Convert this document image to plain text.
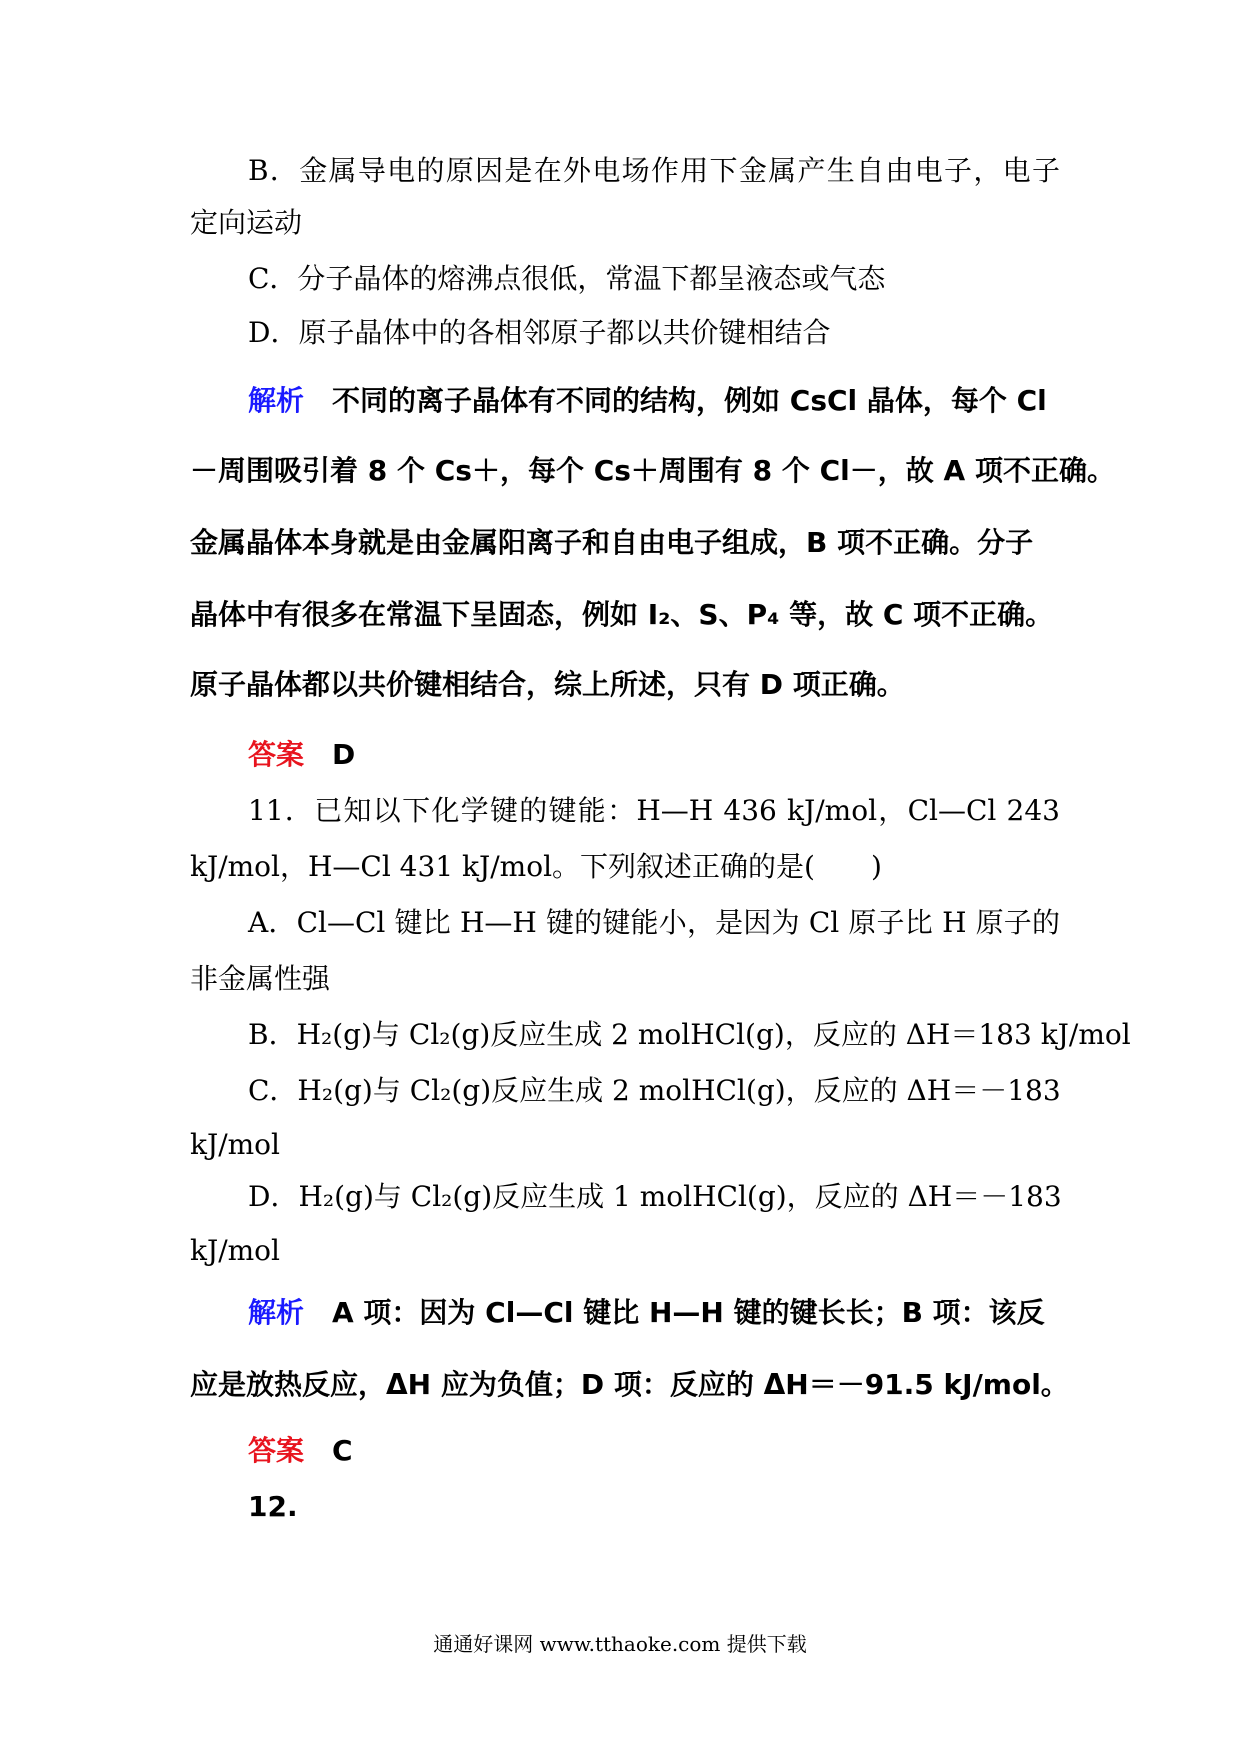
B．金属导电的原因是在外电场作用下金属产生自由电子，电子
定向运动
C．分子晶体的熔沸点很低，常温下都呈液态或气态
D．原子晶体中的各相邻原子都以共价键相结合
解析 不同的离子晶体有不同的结构，例如 CsCl 晶体，每个 Cl
－周围吸引着 8 个 Cs＋，每个 Cs＋周围有 8 个 Cl－，故 A 项不正确。
金属晶体本身就是由金属阳离子和自由电子组成，B 项不正确。分子
晶体中有很多在常温下呈固态，例如 I₂、S、P₄ 等，故 C 项不正确。
原子晶体都以共价键相结合，综上所述，只有 D 项正确。
答案 D
11．已知以下化学键的键能：H—H 436 kJ/mol，Cl—Cl 243
kJ/mol，H—Cl 431 kJ/mol。下列叙述正确的是(　　)
A．Cl—Cl 键比 H—H 键的键能小，是因为 Cl 原子比 H 原子的
非金属性强
B．H₂(g)与 Cl₂(g)反应生成 2 molHCl(g)，反应的 ΔH＝183 kJ/mol
C．H₂(g)与 Cl₂(g)反应生成 2 molHCl(g)，反应的 ΔH＝－183
kJ/mol
D．H₂(g)与 Cl₂(g)反应生成 1 molHCl(g)，反应的 ΔH＝－183
kJ/mol
解析 A 项：因为 Cl—Cl 键比 H—H 键的键长长；B 项：该反
应是放热反应，ΔH 应为负值；D 项：反应的 ΔH＝－91.5 kJ/mol。
答案 C
12.
通通好课网 www.tthaoke.com 提供下载
